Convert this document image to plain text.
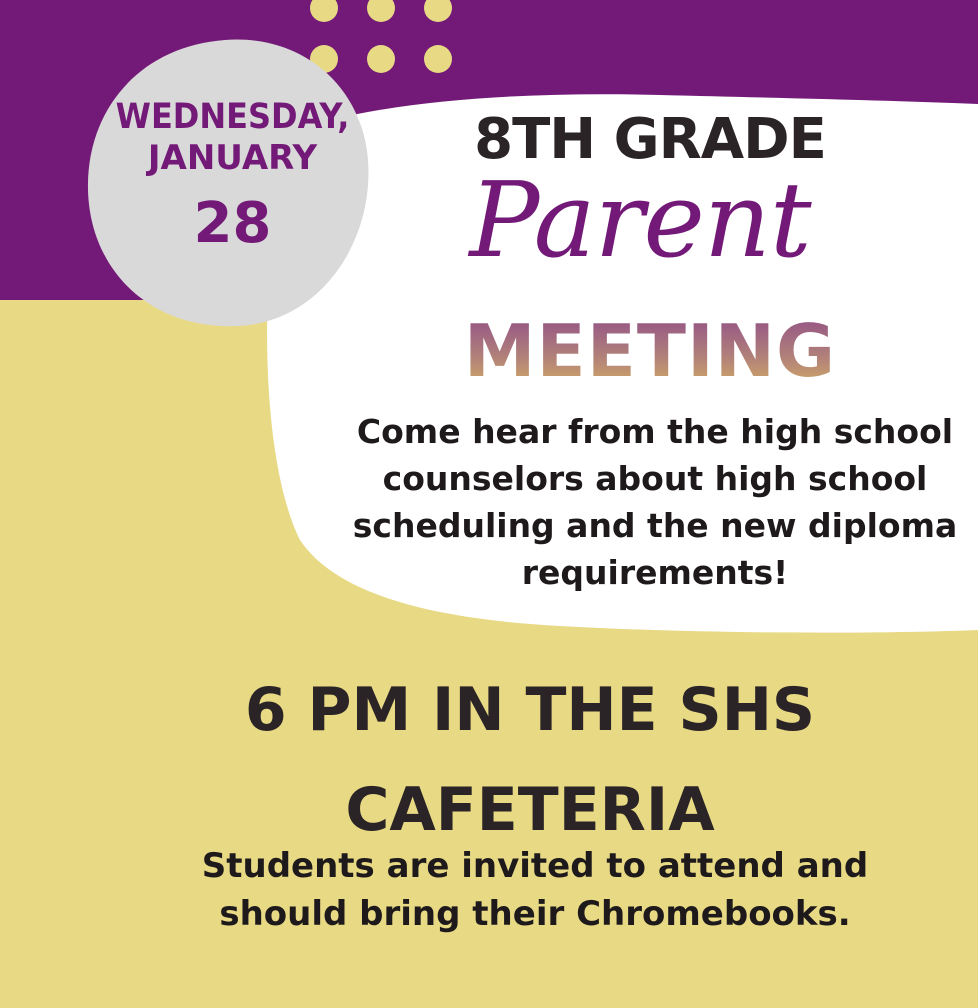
WEDNESDAY,
JANUARY
28
8TH GRADE
Parent
MEETING
Come hear from the high school counselors about high school scheduling and the new diploma requirements!
6 PM IN THE SHS
CAFETERIA
Students are invited to attend and
should bring their Chromebooks.
